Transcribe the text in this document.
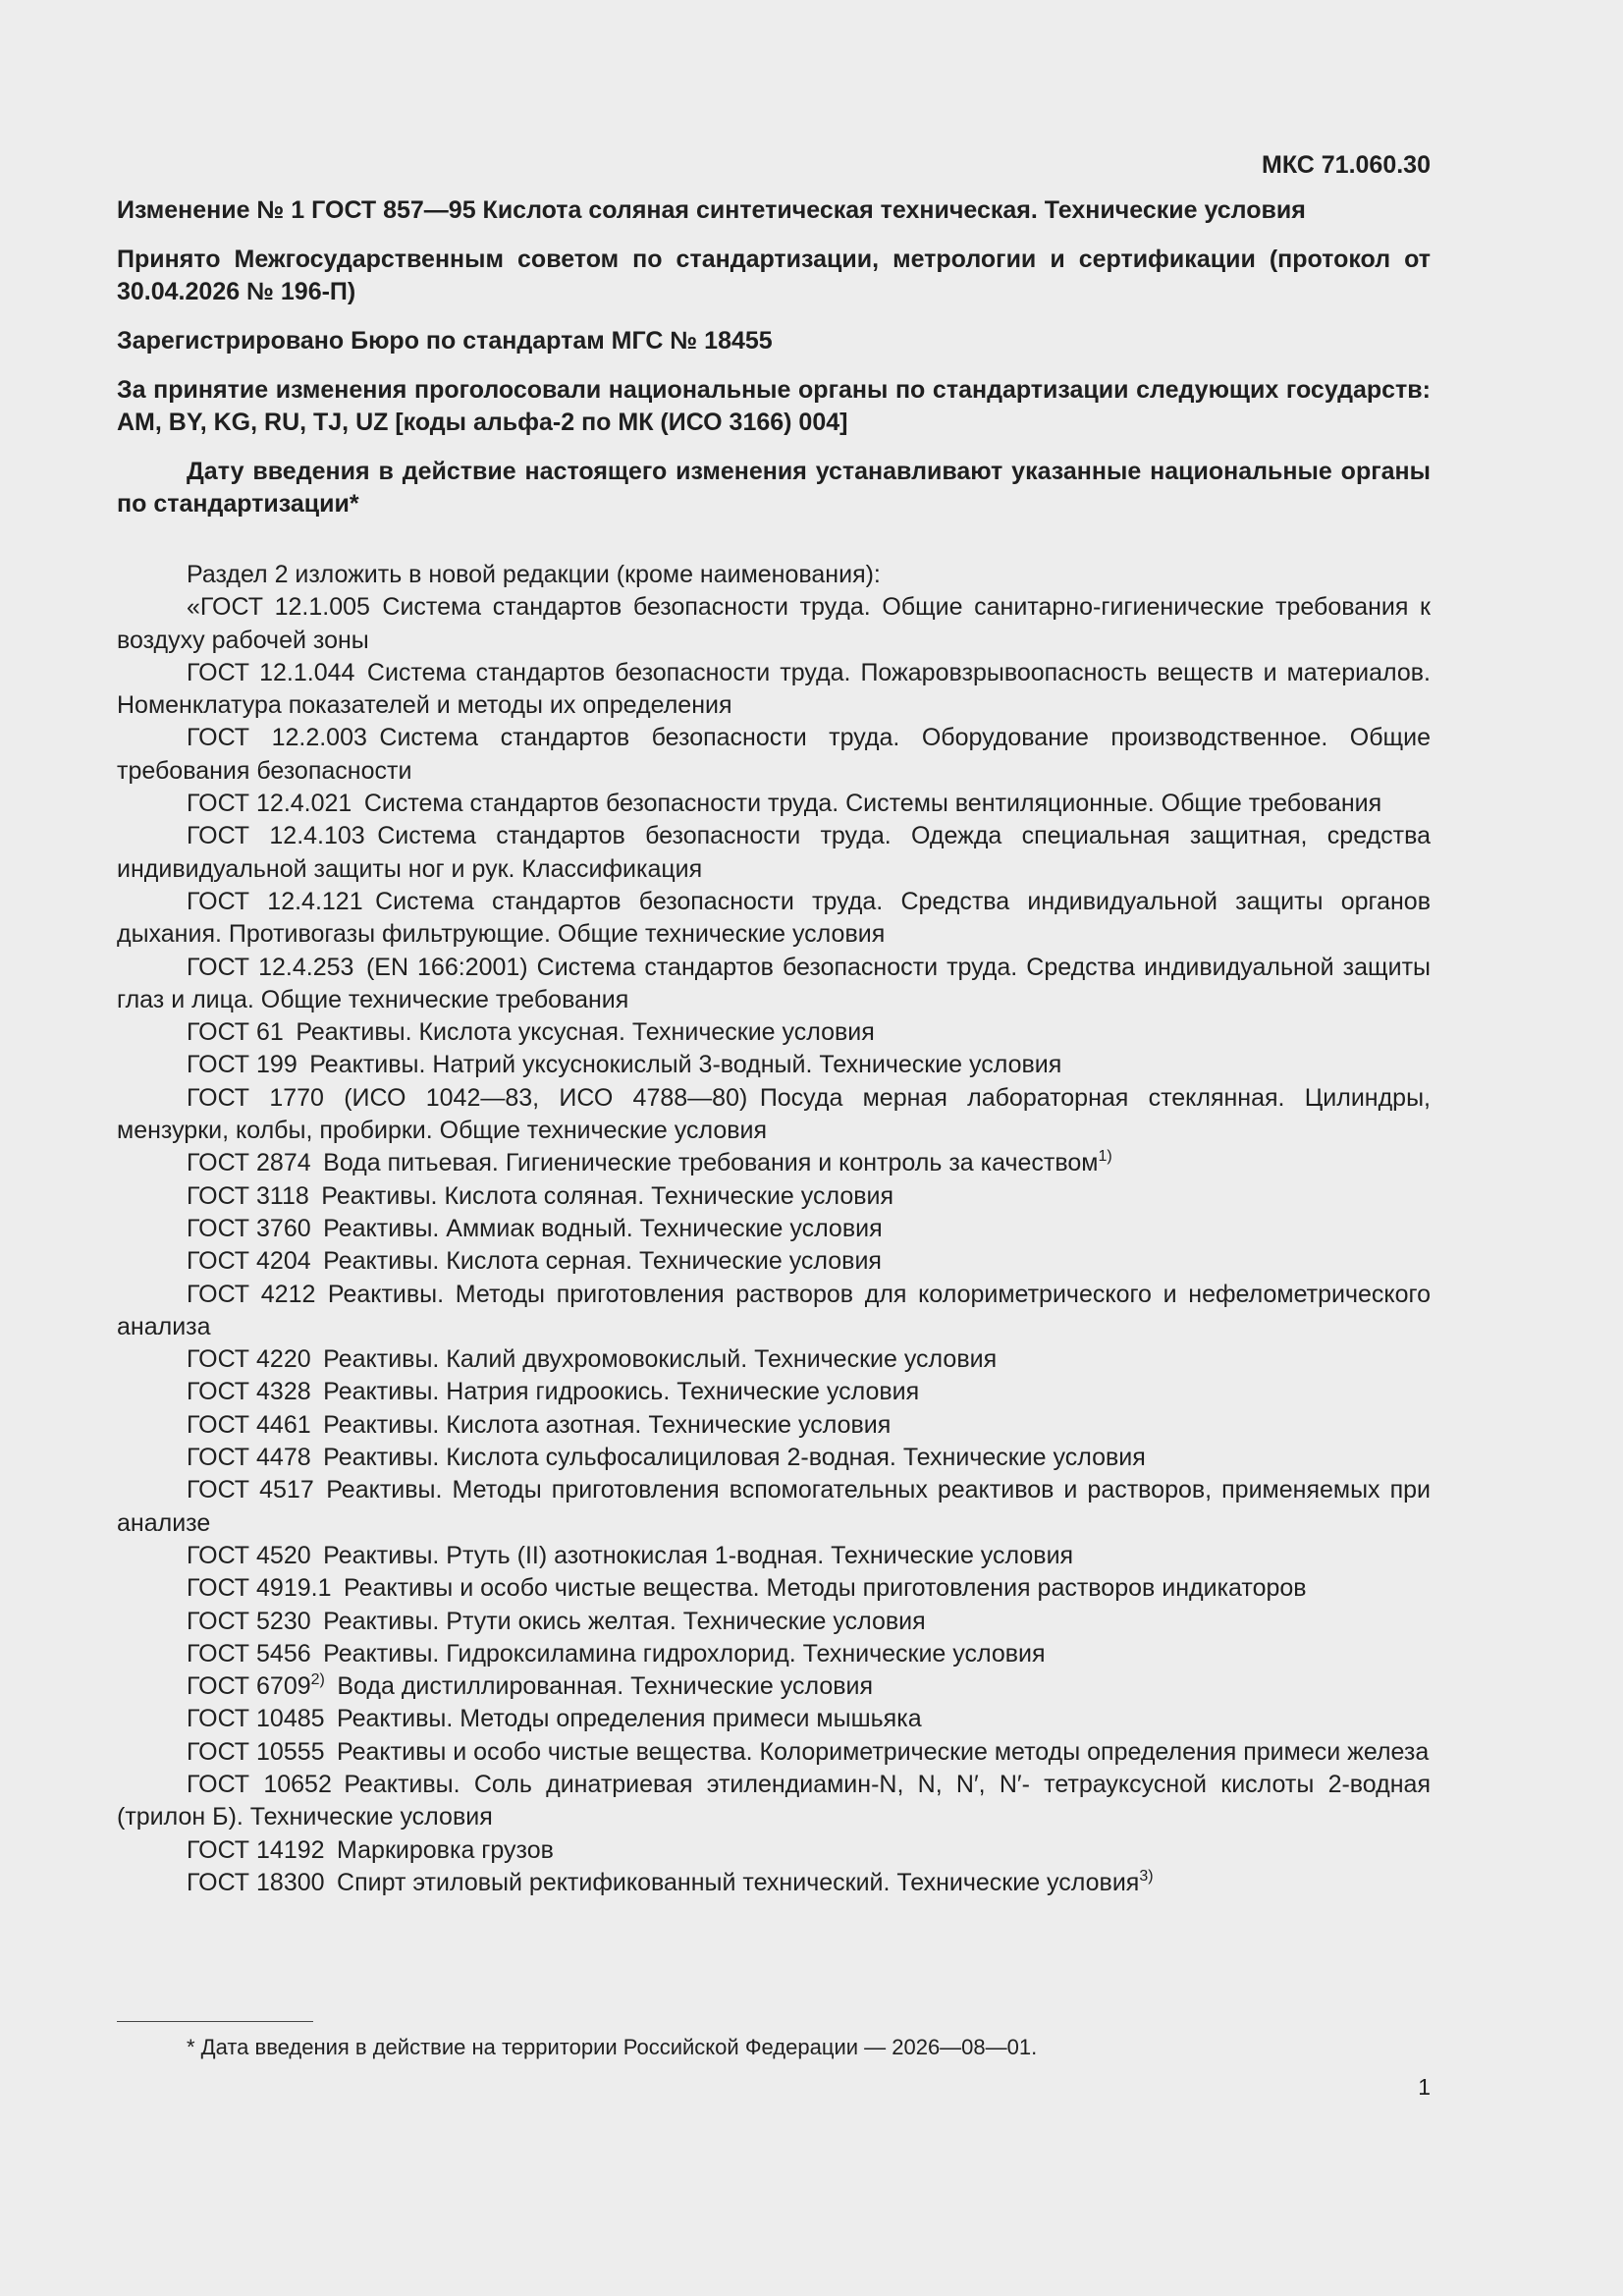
МКС 71.060.30

Изменение № 1 ГОСТ 857—95 Кислота соляная синтетическая техническая. Технические условия

Принято Межгосударственным советом по стандартизации, метрологии и сертификации (протокол от 30.04.2026 № 196-П)

Зарегистрировано Бюро по стандартам МГС № 18455

За принятие изменения проголосовали национальные органы по стандартизации следующих государств: AM, BY, KG, RU, TJ, UZ [коды альфа-2 по МК (ИСО 3166) 004]

Дату введения в действие настоящего изменения устанавливают указанные национальные органы по стандартизации*

Раздел 2 изложить в новой редакции (кроме наименования):

«ГОСТ 12.1.005  Система стандартов безопасности труда. Общие санитарно-гигиенические требования к воздуху рабочей зоны

ГОСТ 12.1.044  Система стандартов безопасности труда. Пожаровзрывоопасность веществ и материалов. Номенклатура показателей и методы их определения

ГОСТ 12.2.003  Система стандартов безопасности труда. Оборудование производственное. Общие требования безопасности

ГОСТ 12.4.021  Система стандартов безопасности труда. Системы вентиляционные. Общие требования

ГОСТ 12.4.103  Система стандартов безопасности труда. Одежда специальная защитная, средства индивидуальной защиты ног и рук. Классификация

ГОСТ 12.4.121  Система стандартов безопасности труда. Средства индивидуальной защиты органов дыхания. Противогазы фильтрующие. Общие технические условия

ГОСТ 12.4.253  (EN 166:2001) Система стандартов безопасности труда. Средства индивидуальной защиты глаз и лица. Общие технические требования

ГОСТ 61  Реактивы. Кислота уксусная. Технические условия

ГОСТ 199  Реактивы. Натрий уксуснокислый 3-водный. Технические условия

ГОСТ 1770 (ИСО 1042—83, ИСО 4788—80)  Посуда мерная лабораторная стеклянная. Цилиндры, мензурки, колбы, пробирки. Общие технические условия

ГОСТ 2874  Вода питьевая. Гигиенические требования и контроль за качеством$^{1)}$

ГОСТ 3118  Реактивы. Кислота соляная. Технические условия

ГОСТ 3760  Реактивы. Аммиак водный. Технические условия

ГОСТ 4204  Реактивы. Кислота серная. Технические условия

ГОСТ 4212  Реактивы. Методы приготовления растворов для колориметрического и нефелометрического анализа

ГОСТ 4220  Реактивы. Калий двухромовокислый. Технические условия

ГОСТ 4328  Реактивы. Натрия гидроокись. Технические условия

ГОСТ 4461  Реактивы. Кислота азотная. Технические условия

ГОСТ 4478  Реактивы. Кислота сульфосалициловая 2-водная. Технические условия

ГОСТ 4517  Реактивы. Методы приготовления вспомогательных реактивов и растворов, применяемых при анализе

ГОСТ 4520  Реактивы. Ртуть (II) азотнокислая 1-водная. Технические условия

ГОСТ 4919.1  Реактивы и особо чистые вещества. Методы приготовления растворов индикаторов

ГОСТ 5230  Реактивы. Ртути окись желтая. Технические условия

ГОСТ 5456  Реактивы. Гидроксиламина гидрохлорид. Технические условия

ГОСТ 6709$^{2)}$  Вода дистиллированная. Технические условия

ГОСТ 10485  Реактивы. Методы определения примеси мышьяка

ГОСТ 10555  Реактивы и особо чистые вещества. Колориметрические методы определения примеси железа

ГОСТ 10652  Реактивы. Соль динатриевая этилендиамин-N, N, N′, N′- тетрауксусной кислоты 2-водная (трилон Б). Технические условия

ГОСТ 14192  Маркировка грузов

ГОСТ 18300  Спирт этиловый ректификованный технический. Технические условия$^{3)}$

* Дата введения в действие на территории Российской Федерации — 2026—08—01.

1
